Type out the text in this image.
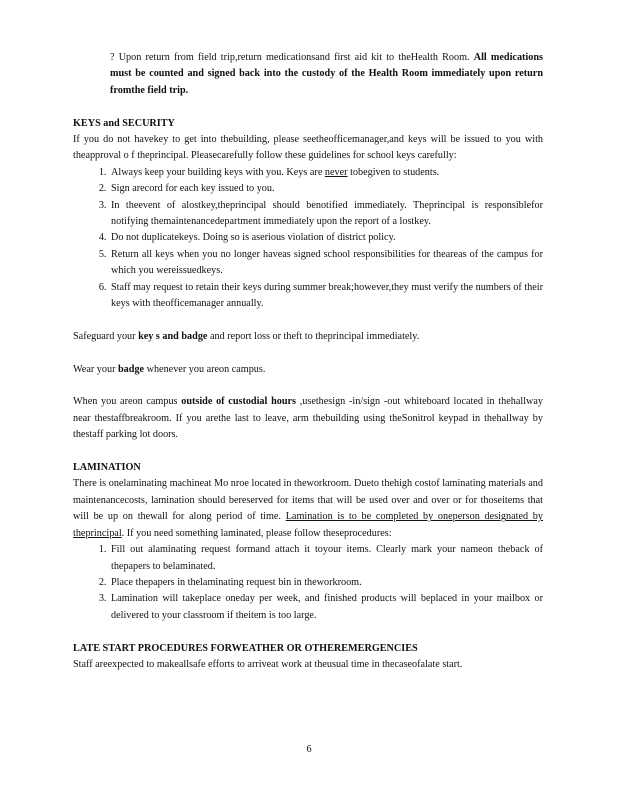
? Upon return from field trip,return medicationsand first aid kit to theHealth Room. All medications must be counted and signed back into the custody of the Health Room immediately upon return fromthe field trip.
KEYS and SECURITY

If you do not havekey to get into thebuilding, please seetheofficemanager,and keys will be issued to you with theapproval o f theprincipal. Pleasecarefully follow these guidelines for school keys carefully:

1. Always keep your building keys with you. Keys are never tobegiven to students.
2. Sign arecord for each key issued to you.
3. In theevent of alostkey,theprincipal should benotified immediately. Theprincipal is responsiblefor notifying themaintenancedepartment immediately upon the report of a lostkey.
4. Do not duplicatekeys. Doing so is aserious violation of district policy.
5. Return all keys when you no longer haveas signed school responsibilities for theareas of the campus for which you wereissuedkeys.
6. Staff may request to retain their keys during summer break;however,they must verify the numbers of their keys with theofficemanager annually.

Safeguard your key s and badge and report loss or theft to theprincipal immediately.

Wear your badge whenever you areon campus.

When you areon campus outside of custodial hours ,usethesign -in/sign -out whiteboard located in thehallway near thestaffbreakroom. If you arethe last to leave, arm thebuilding using theSonitrol keypad in thehallway by thestaff parking lot doors.

LAMINATION

There is onelaminating machineat Mo nroe located in theworkroom. Dueto thehigh costof laminating materials and maintenancecosts, lamination should bereserved for items that will be used over and over or for thoseitems that will be up on thewall for along period of time. Lamination is to be completed by oneperson designated by theprincipal. If you need something laminated, please follow theseprocedures:

1. Fill out alaminating request formand attach it toyour items. Clearly mark your nameon theback of thepapers to belaminated.
2. Place thepapers in thelaminating request bin in theworkroom.
3. Lamination will takeplace oneday per week, and finished products will beplaced in your mailbox or delivered to your classroom if theitem is too large.
LATE START PROCEDURES FORWEATHER OR OTHEREMERGENCIES

Staff areexpected to makeallsafe efforts to arriveat work at theusual time in thecaseofalate start.

6
